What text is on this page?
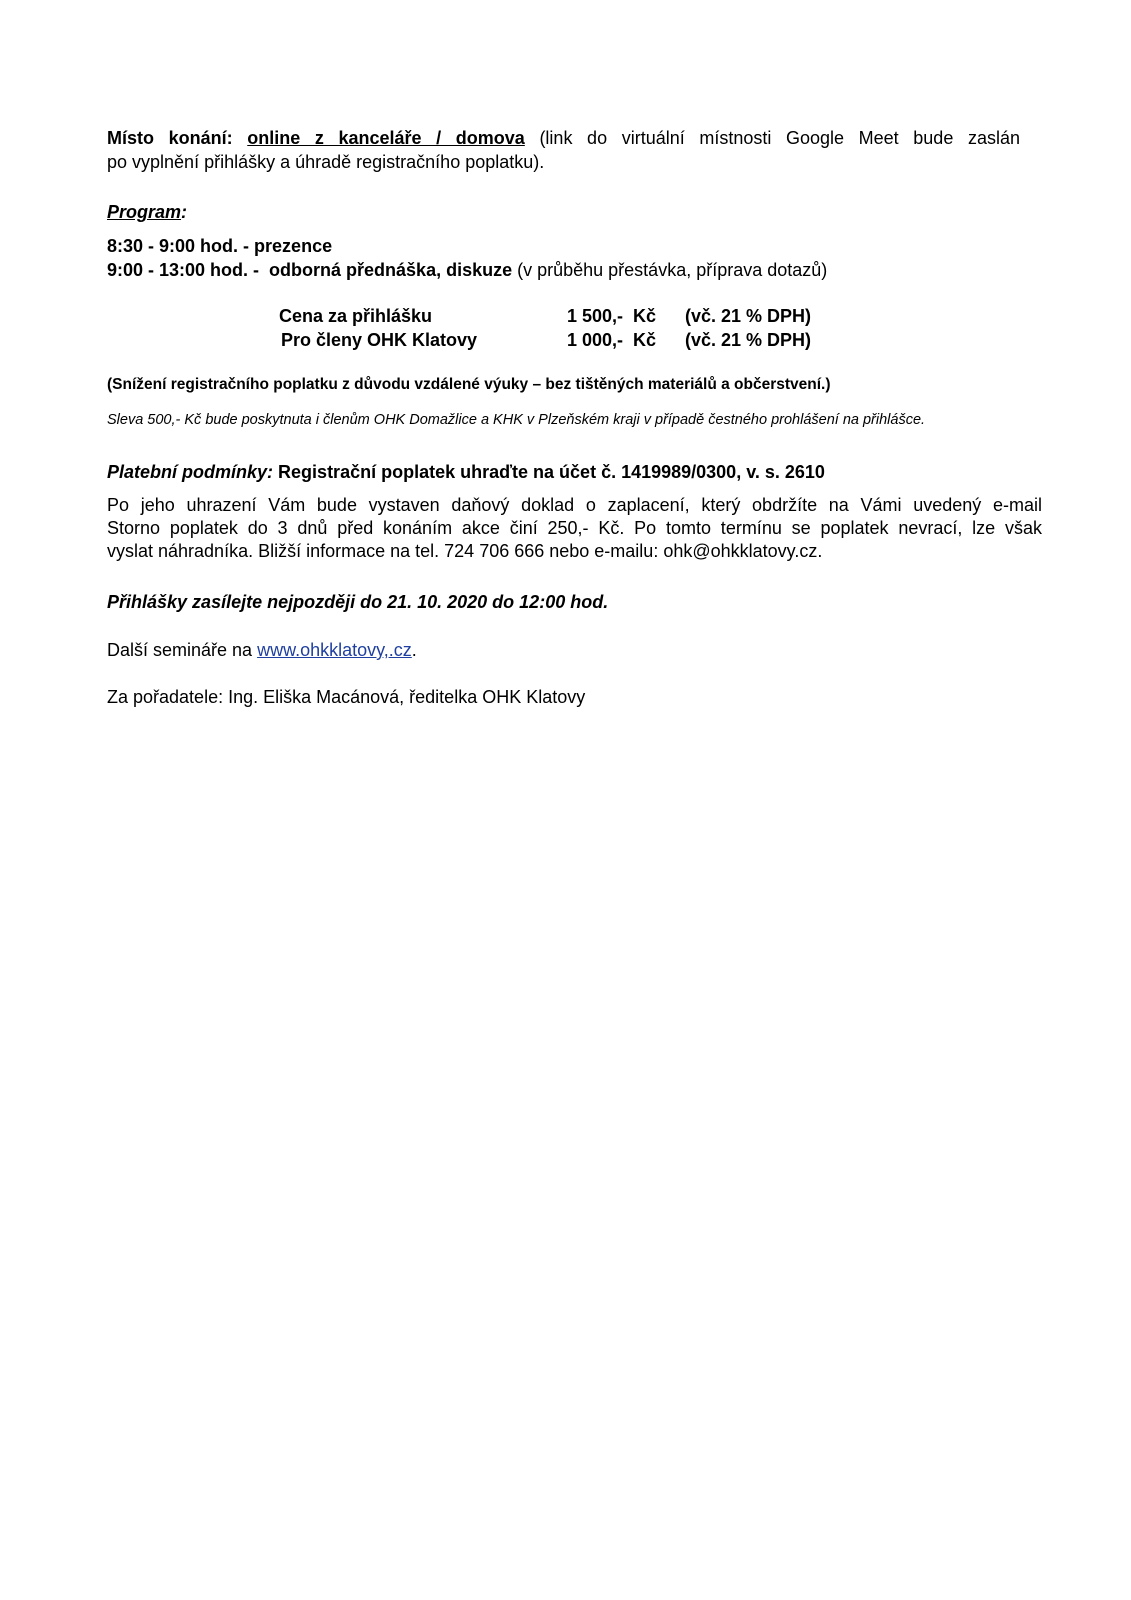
Místo konání: online z kanceláře / domova (link do virtuální místnosti Google Meet bude zaslán
po vyplnění přihlášky a úhradě registračního poplatku).
Program:
8:30 - 9:00 hod. - prezence
9:00 - 13:00 hod. -  odborná přednáška, diskuze (v průběhu přestávka, příprava dotazů)
Cena za přihlášku	1 500,-  Kč (vč. 21 % DPH)
Pro členy OHK Klatovy	1 000,-  Kč (vč. 21 % DPH)
(Snížení registračního poplatku z důvodu vzdálené výuky – bez tištěných materiálů a občerstvení.)
Sleva 500,- Kč bude poskytnuta i členům OHK Domažlice a KHK v Plzeňském kraji v případě čestného prohlášení na přihlášce.
Platební podmínky: Registrační poplatek uhraďte na účet č. 1419989/0300, v. s. 2610
Po jeho uhrazení Vám bude vystaven daňový doklad o zaplacení, který obdržíte na Vámi uvedený e-mail
Storno poplatek do 3 dnů před konáním akce činí 250,- Kč. Po tomto termínu se poplatek nevrací, lze však
vyslat náhradníka. Bližší informace na tel. 724 706 666 nebo e-mailu: ohk@ohkklatovy.cz.
Přihlášky zasílejte nejpozději do 21. 10. 2020 do 12:00 hod.
Další semináře na www.ohkklatovy,.cz.
Za pořadatele: Ing. Eliška Macánová, ředitelka OHK Klatovy
